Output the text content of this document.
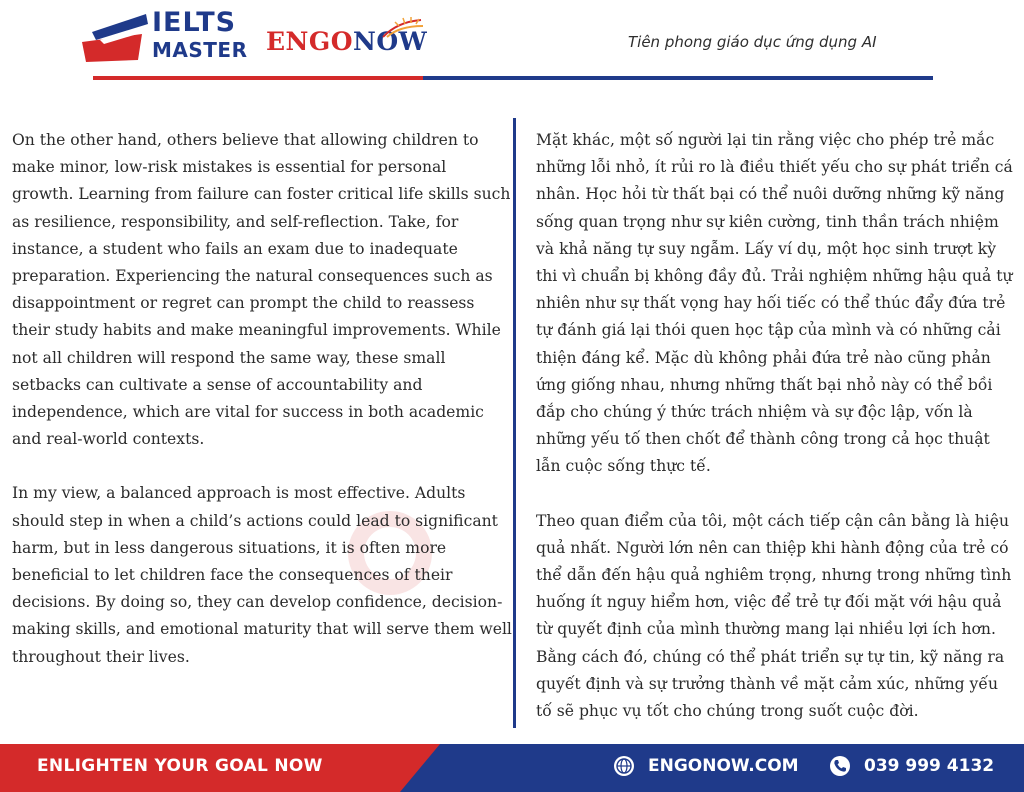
IELTS
MASTER ENGONOW	Tiên phong giáo dục ứng dụng AI

On the other hand, others believe that allowing children to make minor, low-risk mistakes is essential for personal growth. Learning from failure can foster critical life skills such as resilience, responsibility, and self-reflection. Take, for instance, a student who fails an exam due to inadequate preparation. Experiencing the natural consequences such as disappointment or regret can prompt the child to reassess their study habits and make meaningful improvements. While not all children will respond the same way, these small setbacks can cultivate a sense of accountability and independence, which are vital for success in both academic and real-world contexts.

In my view, a balanced approach is most effective. Adults should step in when a child’s actions could lead to significant harm, but in less dangerous situations, it is often more beneficial to let children face the consequences of their decisions. By doing so, they can develop confidence, decision-making skills, and emotional maturity that will serve them well throughout their lives.

Mặt khác, một số người lại tin rằng việc cho phép trẻ mắc những lỗi nhỏ, ít rủi ro là điều thiết yếu cho sự phát triển cá nhân. Học hỏi từ thất bại có thể nuôi dưỡng những kỹ năng sống quan trọng như sự kiên cường, tinh thần trách nhiệm và khả năng tự suy ngẫm. Lấy ví dụ, một học sinh trượt kỳ thi vì chuẩn bị không đầy đủ. Trải nghiệm những hậu quả tự nhiên như sự thất vọng hay hối tiếc có thể thúc đẩy đứa trẻ tự đánh giá lại thói quen học tập của mình và có những cải thiện đáng kể. Mặc dù không phải đứa trẻ nào cũng phản ứng giống nhau, nhưng những thất bại nhỏ này có thể bồi đắp cho chúng ý thức trách nhiệm và sự độc lập, vốn là những yếu tố then chốt để thành công trong cả học thuật lẫn cuộc sống thực tế.

Theo quan điểm của tôi, một cách tiếp cận cân bằng là hiệu quả nhất. Người lớn nên can thiệp khi hành động của trẻ có thể dẫn đến hậu quả nghiêm trọng, nhưng trong những tình huống ít nguy hiểm hơn, việc để trẻ tự đối mặt với hậu quả từ quyết định của mình thường mang lại nhiều lợi ích hơn. Bằng cách đó, chúng có thể phát triển sự tự tin, kỹ năng ra quyết định và sự trưởng thành về mặt cảm xúc, những yếu tố sẽ phục vụ tốt cho chúng trong suốt cuộc đời.

ENLIGHTEN YOUR GOAL NOW	ENGONOW.COM	039 999 4132
